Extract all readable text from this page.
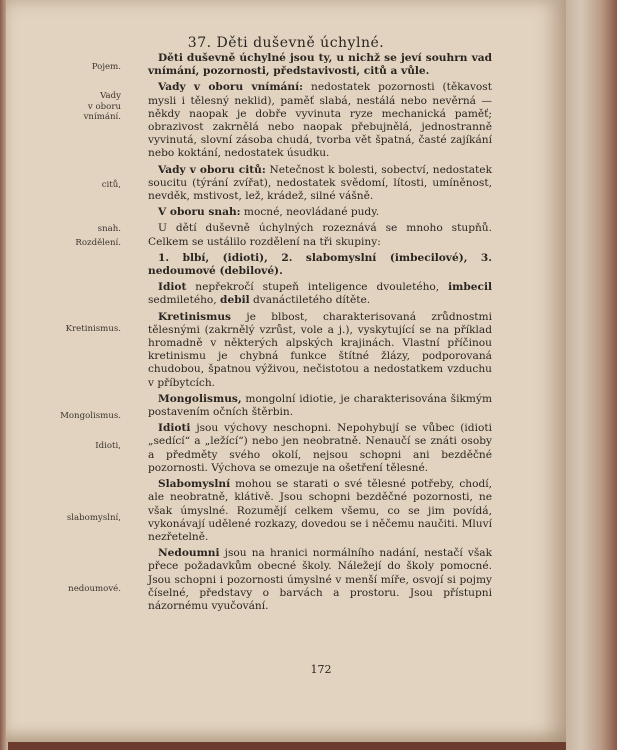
37. Děti duševně úchylné.
Pojem.
Vady
v oboru
vnímání.
citů,
snah.
Rozdělení.
Kretinismus.
Mongolismus.
Idioti,
slabomyslní,
nedoumové.

Děti duševně úchylné jsou ty, u nichž se jeví souhrn vad vnímání, pozornosti, představivosti, citů a vůle.

Vady v oboru vnímání: nedostatek pozornosti (těkavost mysli i tělesný neklid), paměť slabá, nestálá nebo nevěrná — někdy naopak je dobře vyvinuta ryze mechanická paměť; obrazivost zakrnělá nebo naopak přebujnělá, jednostranně vyvinutá, slovní zásoba chudá, tvorba vět špatná, časté zajíkání nebo koktání, nedostatek úsudku.

Vady v oboru citů: Netečnost k bolesti, sobectví, nedostatek soucitu (týrání zvířat), nedostatek svědomí, lítosti, umíněnost, nevděk, mstivost, lež, krádež, silné vášně.

V oboru snah: mocné, neovládané pudy.

U dětí duševně úchylných rozeznává se mnoho stupňů. Celkem se ustálilo rozdělení na tři skupiny:

1. blbí, (idioti), 2. slabomyslní (imbecilové), 3. nedoumové (debilové).

Idiot nepřekročí stupeň inteligence dvouletého, imbecil sedmiletého, debil dvanáctiletého dítěte.

Kretinismus je blbost, charakterisovaná zrůdnostmi tělesnými (zakrnělý vzrůst, vole a j.), vyskytující se na příklad hromadně v některých alpských krajinách. Vlastní příčinou kretinismu je chybná funkce štítné žlázy, podporovaná chudobou, špatnou výživou, nečistotou a nedostatkem vzduchu v příbytcích.

Mongolismus, mongolní idiotie, je charakterisována šikmým postavením očních štěrbin.

Idioti jsou výchovy neschopni. Nepohybují se vůbec (idioti „sedící“ a „ležící“) nebo jen neobratně. Nenaučí se znáti osoby a předměty svého okolí, nejsou schopni ani bezděčné pozornosti. Výchova se omezuje na ošetření tělesné.

Slabomyslní mohou se starati o své tělesné potřeby, chodí, ale neobratně, klátivě. Jsou schopni bezděčné pozornosti, ne však úmyslné. Rozumějí celkem všemu, co se jim povídá, vykonávají udělené rozkazy, dovedou se i něčemu naučiti. Mluví nezřetelně.

Nedoumni jsou na hranici normálního nadání, nestačí však přece požadavkům obecné školy. Náležejí do školy pomocné. Jsou schopni i pozornosti úmyslné v menší míře, osvojí si pojmy číselné, představy o barvách a prostoru. Jsou přístupni názornému vyučování.

172
